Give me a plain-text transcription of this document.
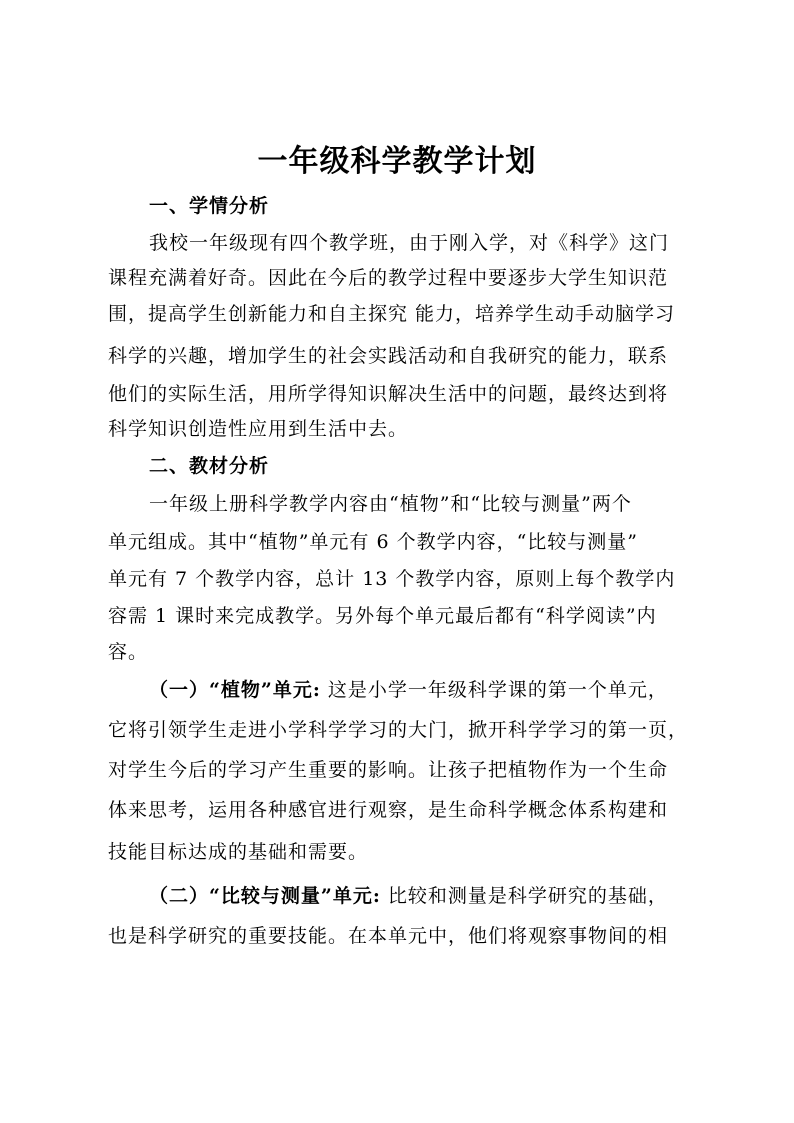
一年级科学教学计划
一、学情分析
我校一年级现有四个教学班，由于刚入学，对《科学》这门
课程充满着好奇。因此在今后的教学过程中要逐步大学生知识范
围，提高学生创新能力和自主探究 能力，培养学生动手动脑学习
科学的兴趣，增加学生的社会实践活动和自我研究的能力，联系
他们的实际生活，用所学得知识解决生活中的问题，最终达到将
科学知识创造性应用到生活中去。
二、教材分析
一年级上册科学教学内容由“植物”和“比较与测量”两个
单元组成。其中“植物”单元有 6 个教学内容，“比较与测量”
单元有 7 个教学内容，总计 13 个教学内容，原则上每个教学内
容需 1 课时来完成教学。另外每个单元最后都有“科学阅读”内
容。
（一）“植物”单元: 这是小学一年级科学课的第一个单元，
它将引领学生走进小学科学学习的大门，掀开科学学习的第一页，
对学生今后的学习产生重要的影响。让孩子把植物作为一个生命
体来思考，运用各种感官进行观察，是生命科学概念体系构建和
技能目标达成的基础和需要。
（二）“比较与测量”单元: 比较和测量是科学研究的基础，
也是科学研究的重要技能。在本单元中，他们将观察事物间的相
